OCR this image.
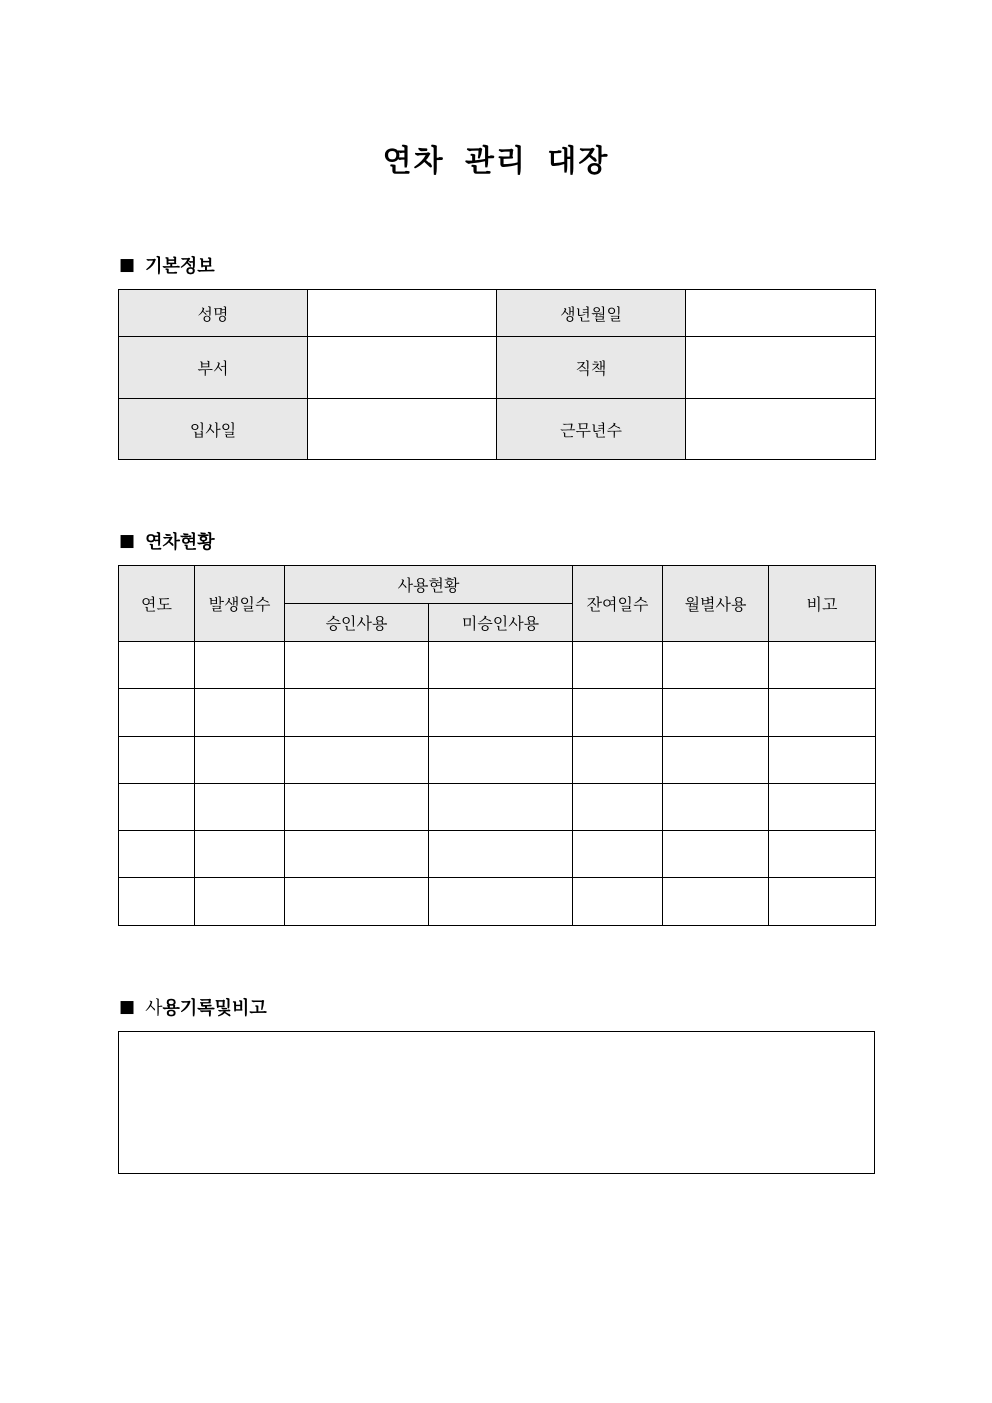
연차 관리 대장
■ 기본정보
성명		생년월일	
부서		직책	
입사일		근무년수	
■ 연차현황
연도	발생일수	사용현황		잔여일수	월별사용	비고
		승인사용	미승인사용			

■ 사 용기록및비고
